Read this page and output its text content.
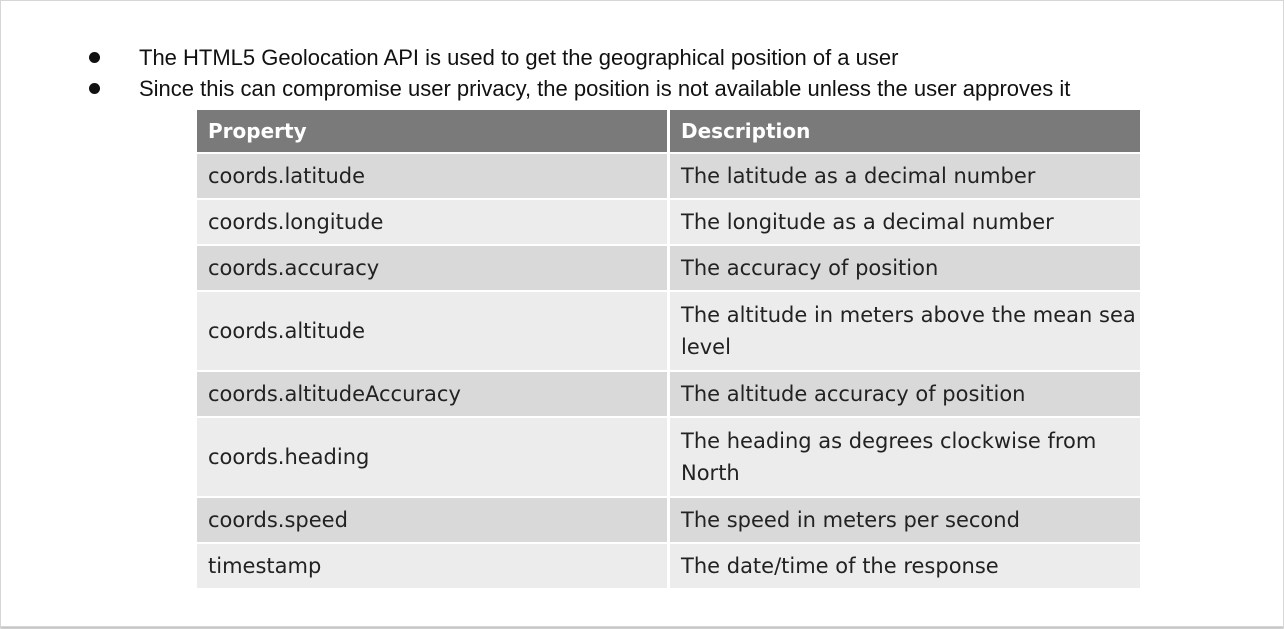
The HTML5 Geolocation API is used to get the geographical position of a user
Since this can compromise user privacy, the position is not available unless the user approves it
Property	Description
coords.latitude	The latitude as a decimal number
coords.longitude	The longitude as a decimal number
coords.accuracy	The accuracy of position
coords.altitude	The altitude in meters above the mean sea level
coords.altitudeAccuracy	The altitude accuracy of position
coords.heading	The heading as degrees clockwise from North
coords.speed	The speed in meters per second
timestamp	The date/time of the response
